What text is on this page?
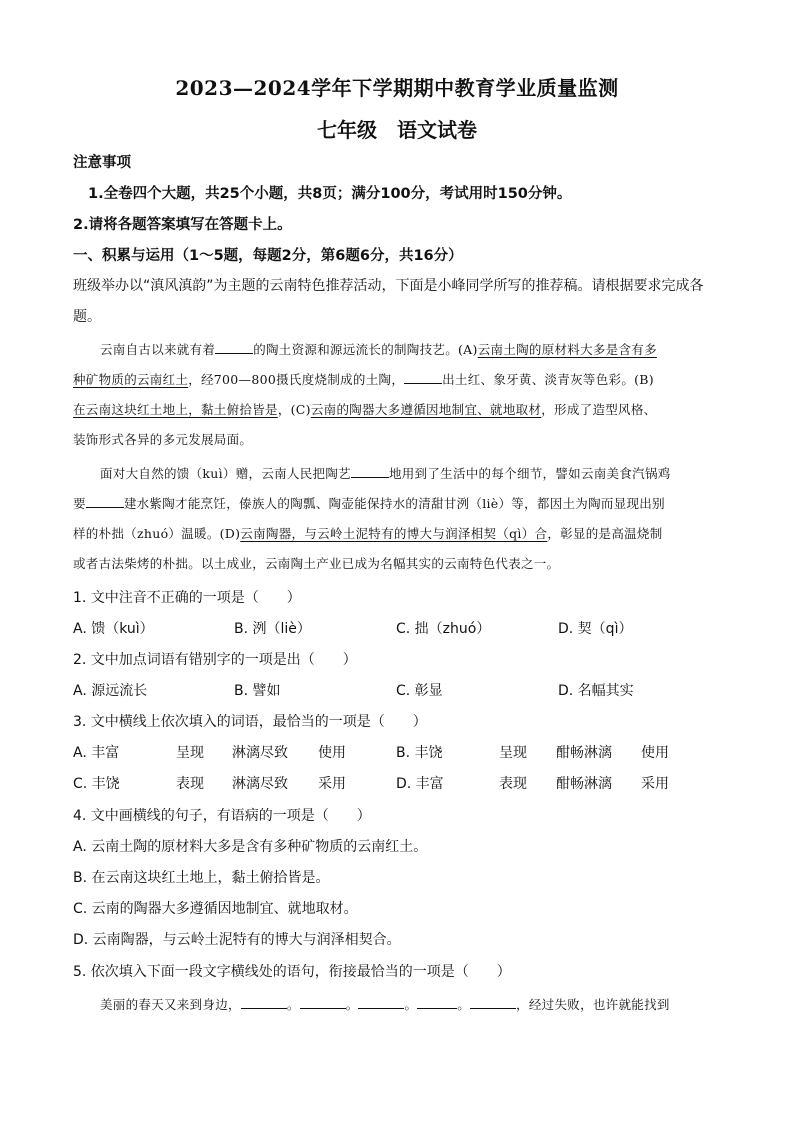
2023—2024学年下学期期中教育学业质量监测
七年级　语文试卷
注意事项
1.全卷四个大题，共25个小题，共8页；满分100分，考试用时150分钟。
2.请将各题答案填写在答题卡上。
一、积累与运用（1～5题，每题2分，第6题6分，共16分）
班级举办以“滇风滇韵”为主题的云南特色推荐活动，下面是小峰同学所写的推荐稿。请根据要求完成各
题。
云南自古以来就有着	的陶土资源和源远流长的制陶技艺。(A)云南土陶的原材料大多是含有多
种矿物质的云南红土，经700—800摄氏度烧制成的土陶，	出土红、象牙黄、淡青灰等色彩。(B)
在云南这块红土地上，黏土俯拾皆是，(C)云南的陶器大多遵循因地制宜、就地取材，形成了造型风格、
装饰形式各异的多元发展局面。
面对大自然的馈（kuì）赠，云南人民把陶艺	地用到了生活中的每个细节，譬如云南美食汽锅鸡
要	建水紫陶才能烹饪，傣族人的陶瓢、陶壶能保持水的清甜甘洌（liè）等，都因土为陶而显现出别
样的朴拙（zhuó）温暖。(D)云南陶器，与云岭土泥特有的博大与润泽相契（qì）合，彰显的是高温烧制
或者古法柴烤的朴拙。以土成业，云南陶土产业已成为名幅其实的云南特色代表之一。
1. 文中注音不正确的一项是（　　）
A. 馈（kuì）	B. 洌（liè）	C. 拙（zhuó）	D. 契（qì）
2. 文中加点词语有错别字的一项是出（　　）
A. 源远流长	B. 譬如	C. 彰显	D. 名幅其实
3. 文中横线上依次填入的词语，最恰当的一项是（　　）
A. 丰富	呈现 淋漓尽致 使用	B. 丰饶	呈现 酣畅淋漓 使用
C. 丰饶	表现 淋漓尽致 采用	D. 丰富	表现 酣畅淋漓 采用
4. 文中画横线的句子，有语病的一项是（　　）
A. 云南土陶的原材料大多是含有多种矿物质的云南红土。
B. 在云南这块红土地上，黏土俯拾皆是。
C. 云南的陶器大多遵循因地制宜、就地取材。
D. 云南陶器，与云岭土泥特有的博大与润泽相契合。
5. 依次填入下面一段文字横线处的语句，衔接最恰当的一项是（　　）
美丽的春天又来到身边，	。	。	。	。	，经过失败，也许就能找到
